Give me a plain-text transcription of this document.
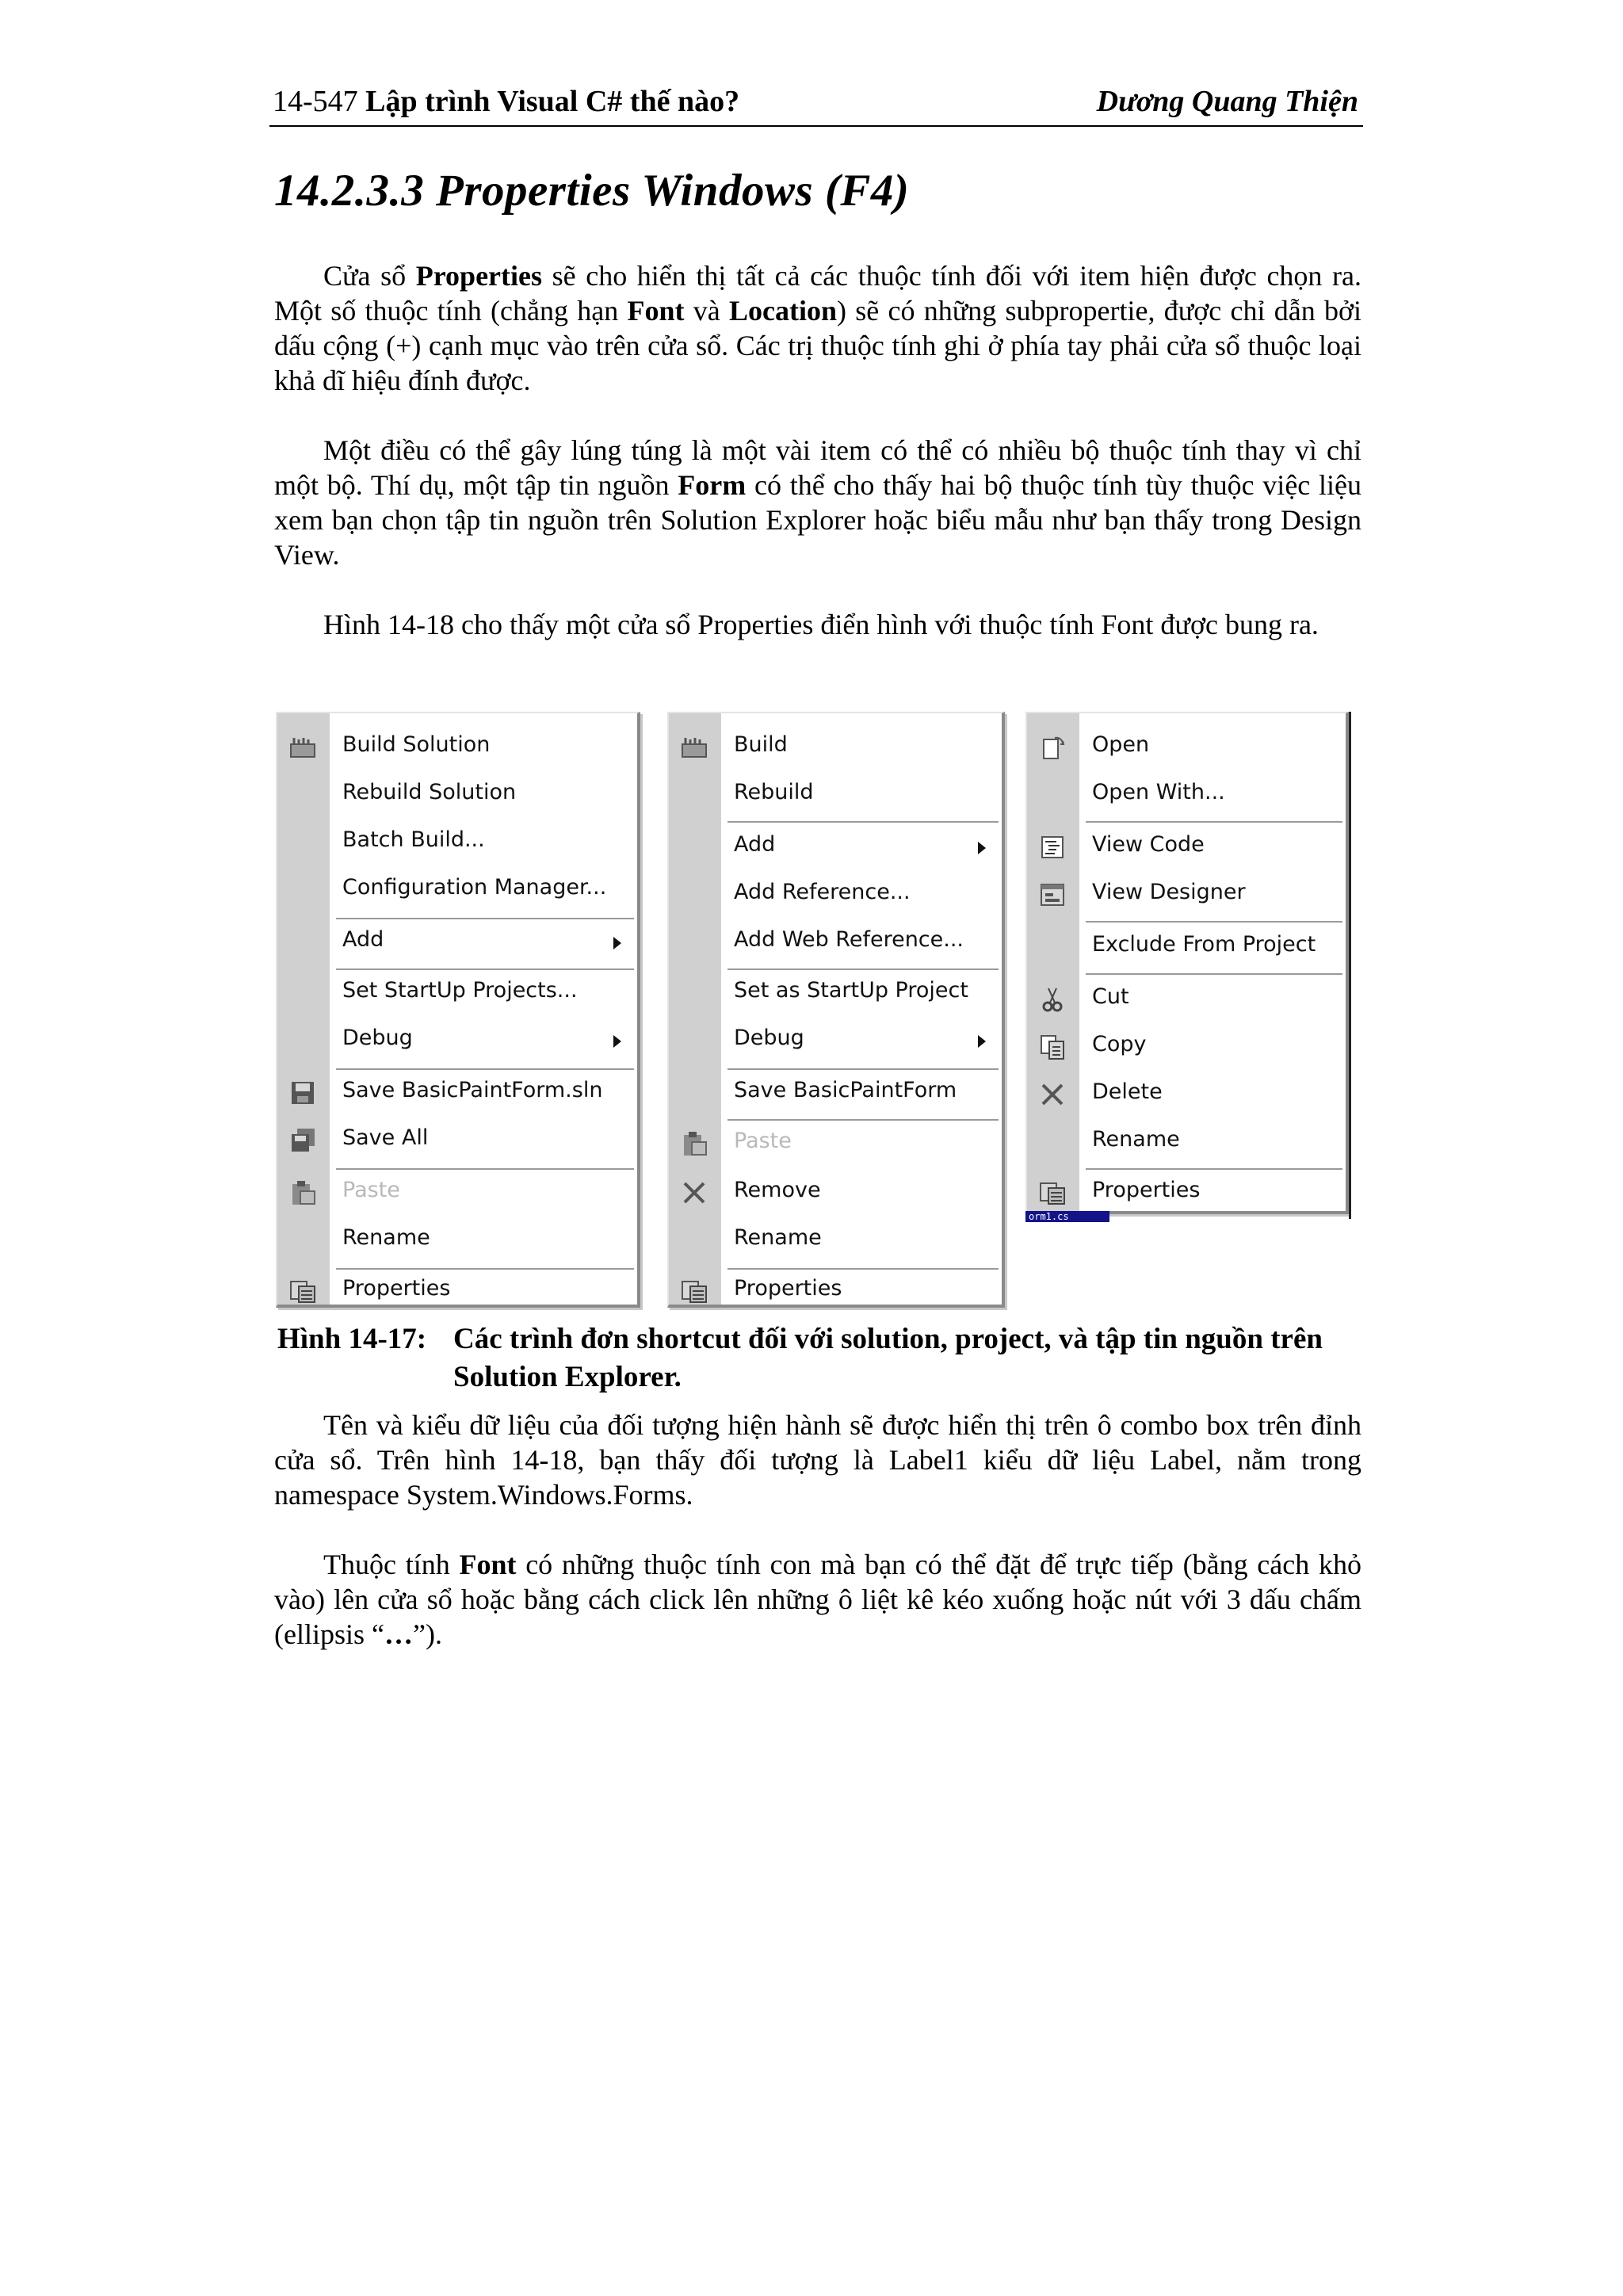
14-547 Lập trình Visual C# thế nào?	Dương Quang Thiện
14.2.3.3 Properties Windows (F4)

Cửa sổ Properties sẽ cho hiển thị tất cả các thuộc tính đối với item hiện được chọn ra. Một số thuộc tính (chẳng hạn Font và Location) sẽ có những subpropertie, được chỉ dẫn bởi dấu cộng (+) cạnh mục vào trên cửa sổ. Các trị thuộc tính ghi ở phía tay phải cửa sổ thuộc loại khả dĩ hiệu đính được.

Một điều có thể gây lúng túng là một vài item có thể có nhiều bộ thuộc tính thay vì chỉ một bộ. Thí dụ, một tập tin nguồn Form có thể cho thấy hai bộ thuộc tính tùy thuộc việc liệu xem bạn chọn tập tin nguồn trên Solution Explorer hoặc biểu mẫu như bạn thấy trong Design View.

Hình 14-18 cho thấy một cửa sổ Properties điển hình với thuộc tính Font được bung ra.

Build Solution
Rebuild Solution
Batch Build...
Configuration Manager...
Add
Set StartUp Projects...
Debug
Save BasicPaintForm.sln
Save All
Paste
Rename
Properties
Build
Rebuild
Add
Add Reference...
Add Web Reference...
Set as StartUp Project
Debug
Save BasicPaintForm
Paste
Remove
Rename
Properties
Open
Open With...
View Code
View Designer
Exclude From Project
Cut
Copy
Delete
Rename
Properties
orm1.cs
Hình 14-17: Các trình đơn shortcut đối với solution, project, và tập tin nguồn trên Solution Explorer.

Tên và kiểu dữ liệu của đối tượng hiện hành sẽ được hiển thị trên ô combo box trên đỉnh cửa sổ. Trên hình 14-18, bạn thấy đối tượng là Label1 kiểu dữ liệu Label, nằm trong namespace System.Windows.Forms.

Thuộc tính Font có những thuộc tính con mà bạn có thể đặt để trực tiếp (bằng cách khỏ vào) lên cửa sổ hoặc bằng cách click lên những ô liệt kê kéo xuống hoặc nút với 3 dấu chấm (ellipsis “…”).
